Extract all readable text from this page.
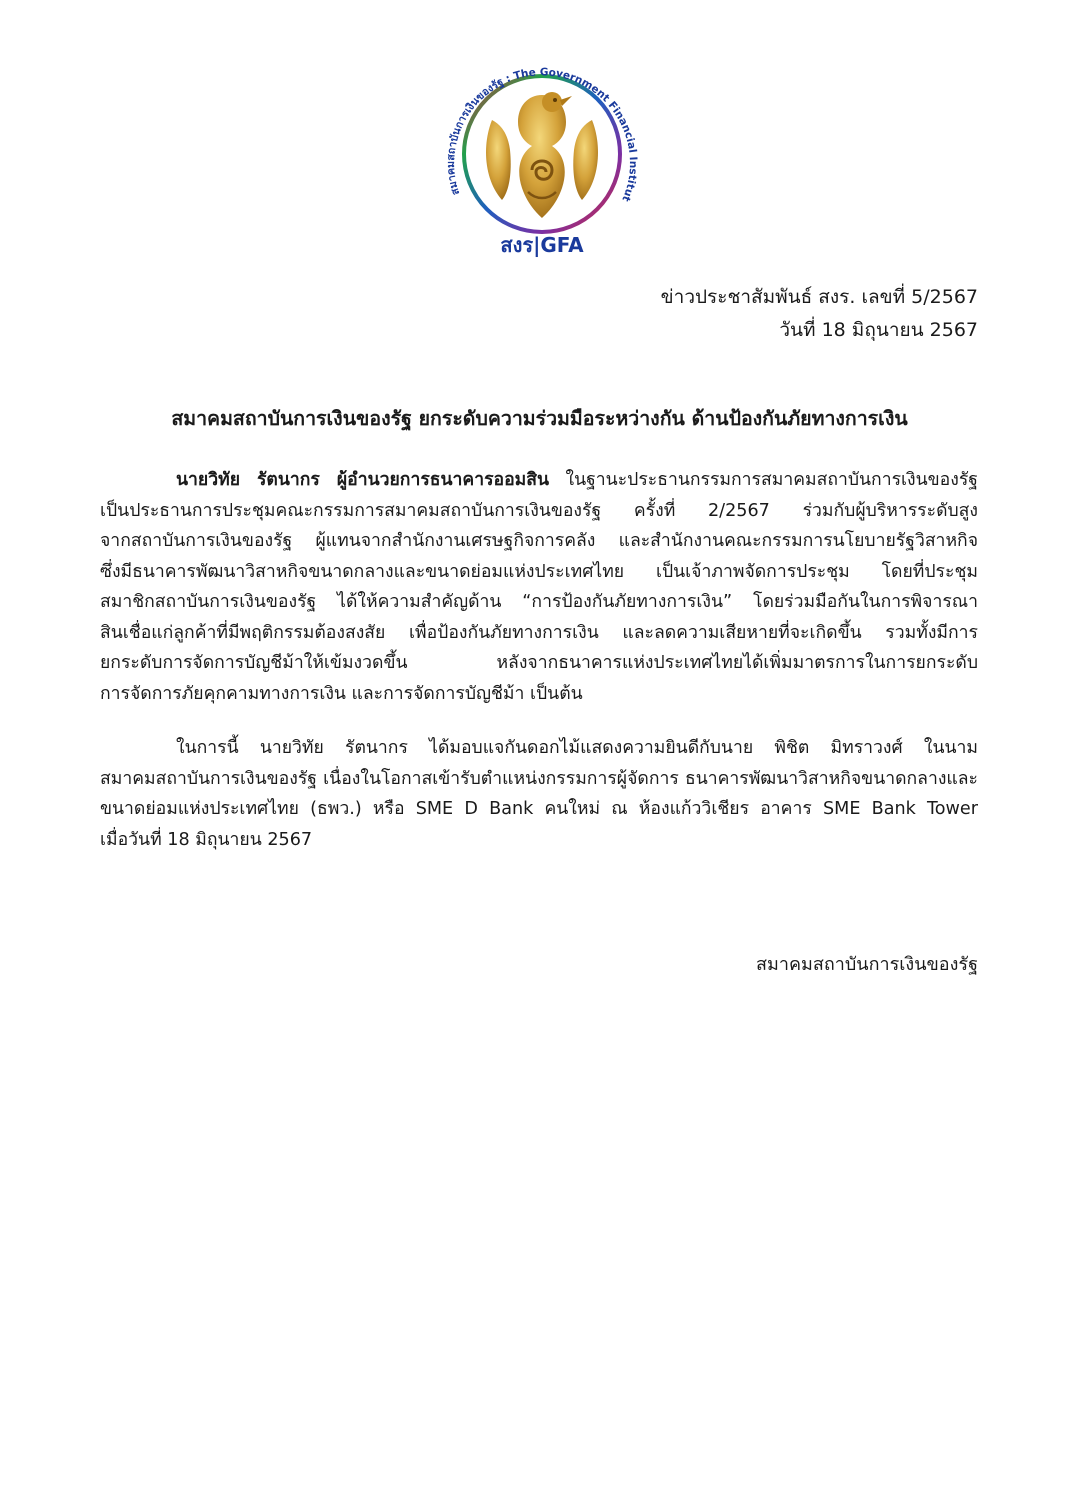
สมาคมสถาบันการเงินของรัฐ : The Government Financial Institut
สงร|GFA
ข่าวประชาสัมพันธ์ สงร. เลขที่ 5/2567
วันที่ 18 มิถุนายน 2567
สมาคมสถาบันการเงินของรัฐ ยกระดับความร่วมมือระหว่างกัน ด้านป้องกันภัยทางการเงิน
นายวิทัย รัตนากร ผู้อำนวยการธนาคารออมสิน ในฐานะประธานกรรมการสมาคมสถาบันการเงินของรัฐ
เป็นประธานการประชุมคณะกรรมการสมาคมสถาบันการเงินของรัฐ ครั้งที่ 2/2567 ร่วมกับผู้บริหารระดับสูง
จากสถาบันการเงินของรัฐ ผู้แทนจากสำนักงานเศรษฐกิจการคลัง และสำนักงานคณะกรรมการนโยบายรัฐวิสาหกิจ
ซึ่งมีธนาคารพัฒนาวิสาหกิจขนาดกลางและขนาดย่อมแห่งประเทศไทย เป็นเจ้าภาพจัดการประชุม โดยที่ประชุม
สมาชิกสถาบันการเงินของรัฐ ได้ให้ความสำคัญด้าน “การป้องกันภัยทางการเงิน” โดยร่วมมือกันในการพิจารณา
สินเชื่อแก่ลูกค้าที่มีพฤติกรรมต้องสงสัย เพื่อป้องกันภัยทางการเงิน และลดความเสียหายที่จะเกิดขึ้น รวมทั้งมีการ
ยกระดับการจัดการบัญชีม้าให้เข้มงวดขึ้น หลังจากธนาคารแห่งประเทศไทยได้เพิ่มมาตรการในการยกระดับ
การจัดการภัยคุกคามทางการเงิน และการจัดการบัญชีม้า เป็นต้น
ในการนี้ นายวิทัย รัตนากร ได้มอบแจกันดอกไม้แสดงความยินดีกับนาย พิชิต มิทราวงศ์ ในนาม
สมาคมสถาบันการเงินของรัฐ เนื่องในโอกาสเข้ารับตำแหน่งกรรมการผู้จัดการ ธนาคารพัฒนาวิสาหกิจขนาดกลางและ
ขนาดย่อมแห่งประเทศไทย (ธพว.) หรือ SME D Bank คนใหม่ ณ ห้องแก้ววิเชียร อาคาร SME Bank Tower
เมื่อวันที่ 18 มิถุนายน 2567
สมาคมสถาบันการเงินของรัฐ
